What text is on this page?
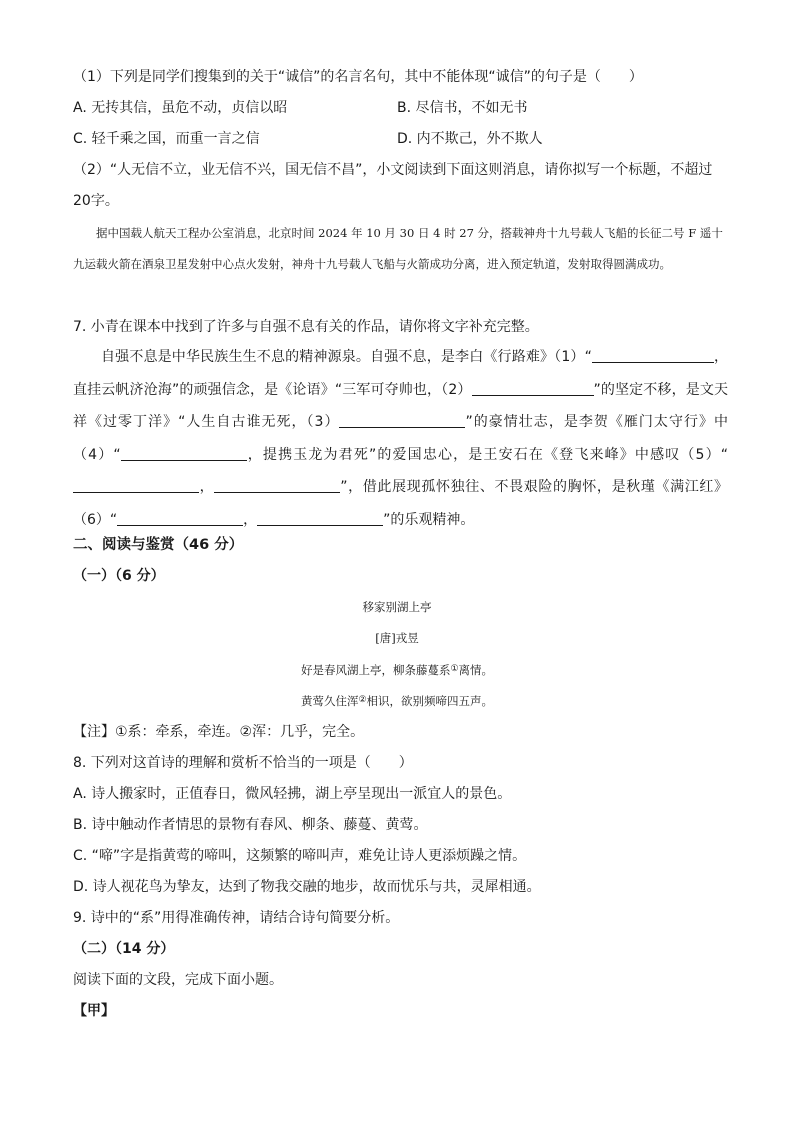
（1）下列是同学们搜集到的关于“诚信”的名言名句，其中不能体现“诚信”的句子是（　　）
A. 无抟其信，虽危不动，贞信以昭	B. 尽信书，不如无书
C. 轻千乘之国，而重一言之信	D. 内不欺己，外不欺人
（2）“人无信不立，业无信不兴，国无信不昌”，小文阅读到下面这则消息，请你拟写一个标题，不超过
20字。
据中国载人航天工程办公室消息，北京时间 2024 年 10 月 30 日 4 时 27 分，搭载神舟十九号载人飞船的长征二号 F 遥十九运载火箭在酒泉卫星发射中心点火发射，神舟十九号载人飞船与火箭成功分离，进入预定轨道，发射取得圆满成功。
7. 小青在课本中找到了许多与自强不息有关的作品，请你将文字补充完整。
自强不息是中华民族生生不息的精神源泉。自强不息，是李白《行路难》（1）“	，直挂云帆济沧海”的顽强信念，是《论语》“三军可夺帅也，（2）	”的坚定不移，是文天祥《过零丁洋》“人生自古谁无死，（3）	”的豪情壮志，是李贺《雁门太守行》中（4）“	，提携玉龙为君死”的爱国忠心，是王安石在《登飞来峰》中感叹（5）“，	”，借此展现孤怀独往、不畏艰险的胸怀，是秋瑾《满江红》（6）“	，	”的乐观精神。
二、阅读与鉴赏（46 分）
（一）（6 分）
移家别湖上亭
[唐]戎昱
好是春风湖上亭，柳条藤蔓系①离情。
黄莺久住浑②相识，欲别频啼四五声。
【注】①系：牵系，牵连。②浑：几乎，完全。
8. 下列对这首诗的理解和赏析不恰当的一项是（　　）
A. 诗人搬家时，正值春日，微风轻拂，湖上亭呈现出一派宜人的景色。
B. 诗中触动作者情思的景物有春风、柳条、藤蔓、黄莺。
C. “啼”字是指黄莺的啼叫，这频繁的啼叫声，难免让诗人更添烦躁之情。
D. 诗人视花鸟为挚友，达到了物我交融的地步，故而忧乐与共，灵犀相通。
9. 诗中的“系”用得准确传神，请结合诗句简要分析。
（二）（14 分）
阅读下面的文段，完成下面小题。
【甲】
